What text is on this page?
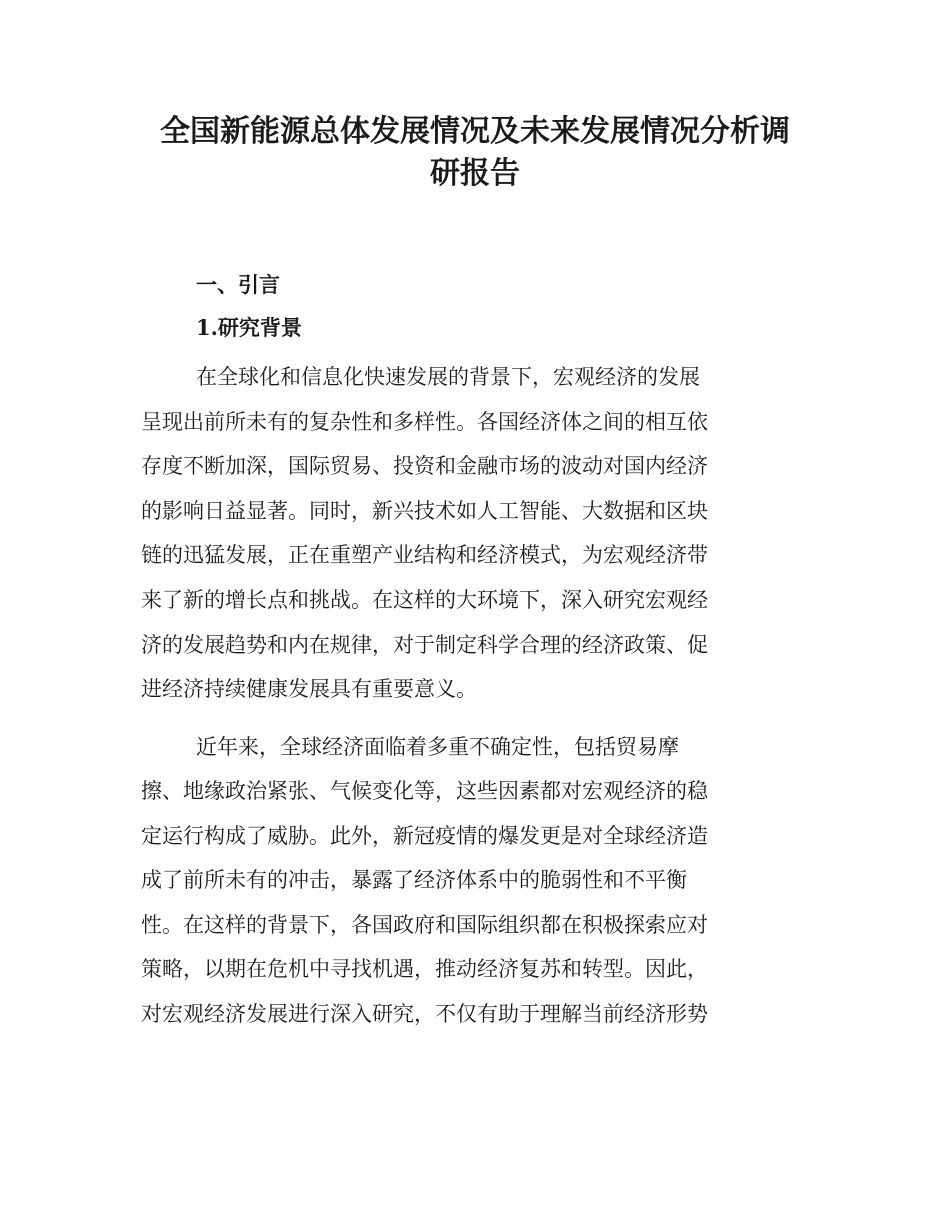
全国新能源总体发展情况及未来发展情况分析调
研报告
一、引言
1.研究背景

在全球化和信息化快速发展的背景下，宏观经济的发展

呈现出前所未有的复杂性和多样性。各国经济体之间的相互依

存度不断加深，国际贸易、投资和金融市场的波动对国内经济

的影响日益显著。同时，新兴技术如人工智能、大数据和区块

链的迅猛发展，正在重塑产业结构和经济模式，为宏观经济带

来了新的增长点和挑战。在这样的大环境下，深入研究宏观经

济的发展趋势和内在规律，对于制定科学合理的经济政策、促

进经济持续健康发展具有重要意义。

近年来，全球经济面临着多重不确定性，包括贸易摩

擦、地缘政治紧张、气候变化等，这些因素都对宏观经济的稳

定运行构成了威胁。此外，新冠疫情的爆发更是对全球经济造

成了前所未有的冲击，暴露了经济体系中的脆弱性和不平衡

性。在这样的背景下，各国政府和国际组织都在积极探索应对

策略，以期在危机中寻找机遇，推动经济复苏和转型。因此，

对宏观经济发展进行深入研究，不仅有助于理解当前经济形势
